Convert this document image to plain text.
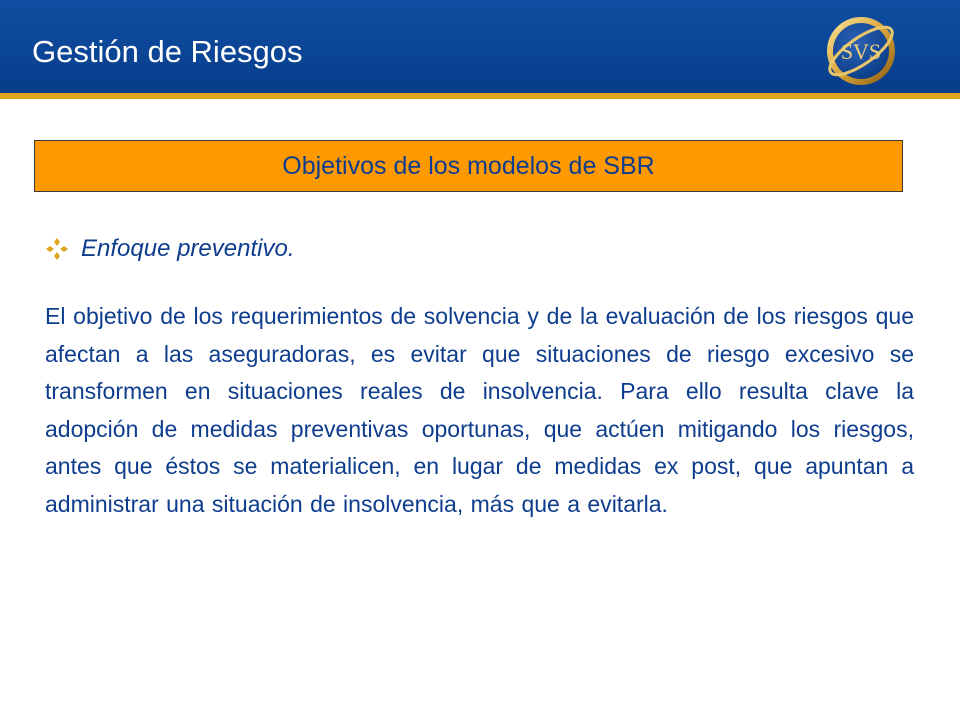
Gestión de Riesgos	SVS
Objetivos de los modelos de SBR
Enfoque preventivo.

El objetivo de los requerimientos de solvencia y de la evaluación de los riesgos que afectan a las aseguradoras, es evitar que situaciones de riesgo excesivo se transformen en situaciones reales de insolvencia. Para ello resulta clave la adopción de medidas preventivas oportunas, que actúen mitigando los riesgos, antes que éstos se materialicen, en lugar de medidas ex post, que apuntan a administrar una situación de insolvencia, más que a evitarla.
